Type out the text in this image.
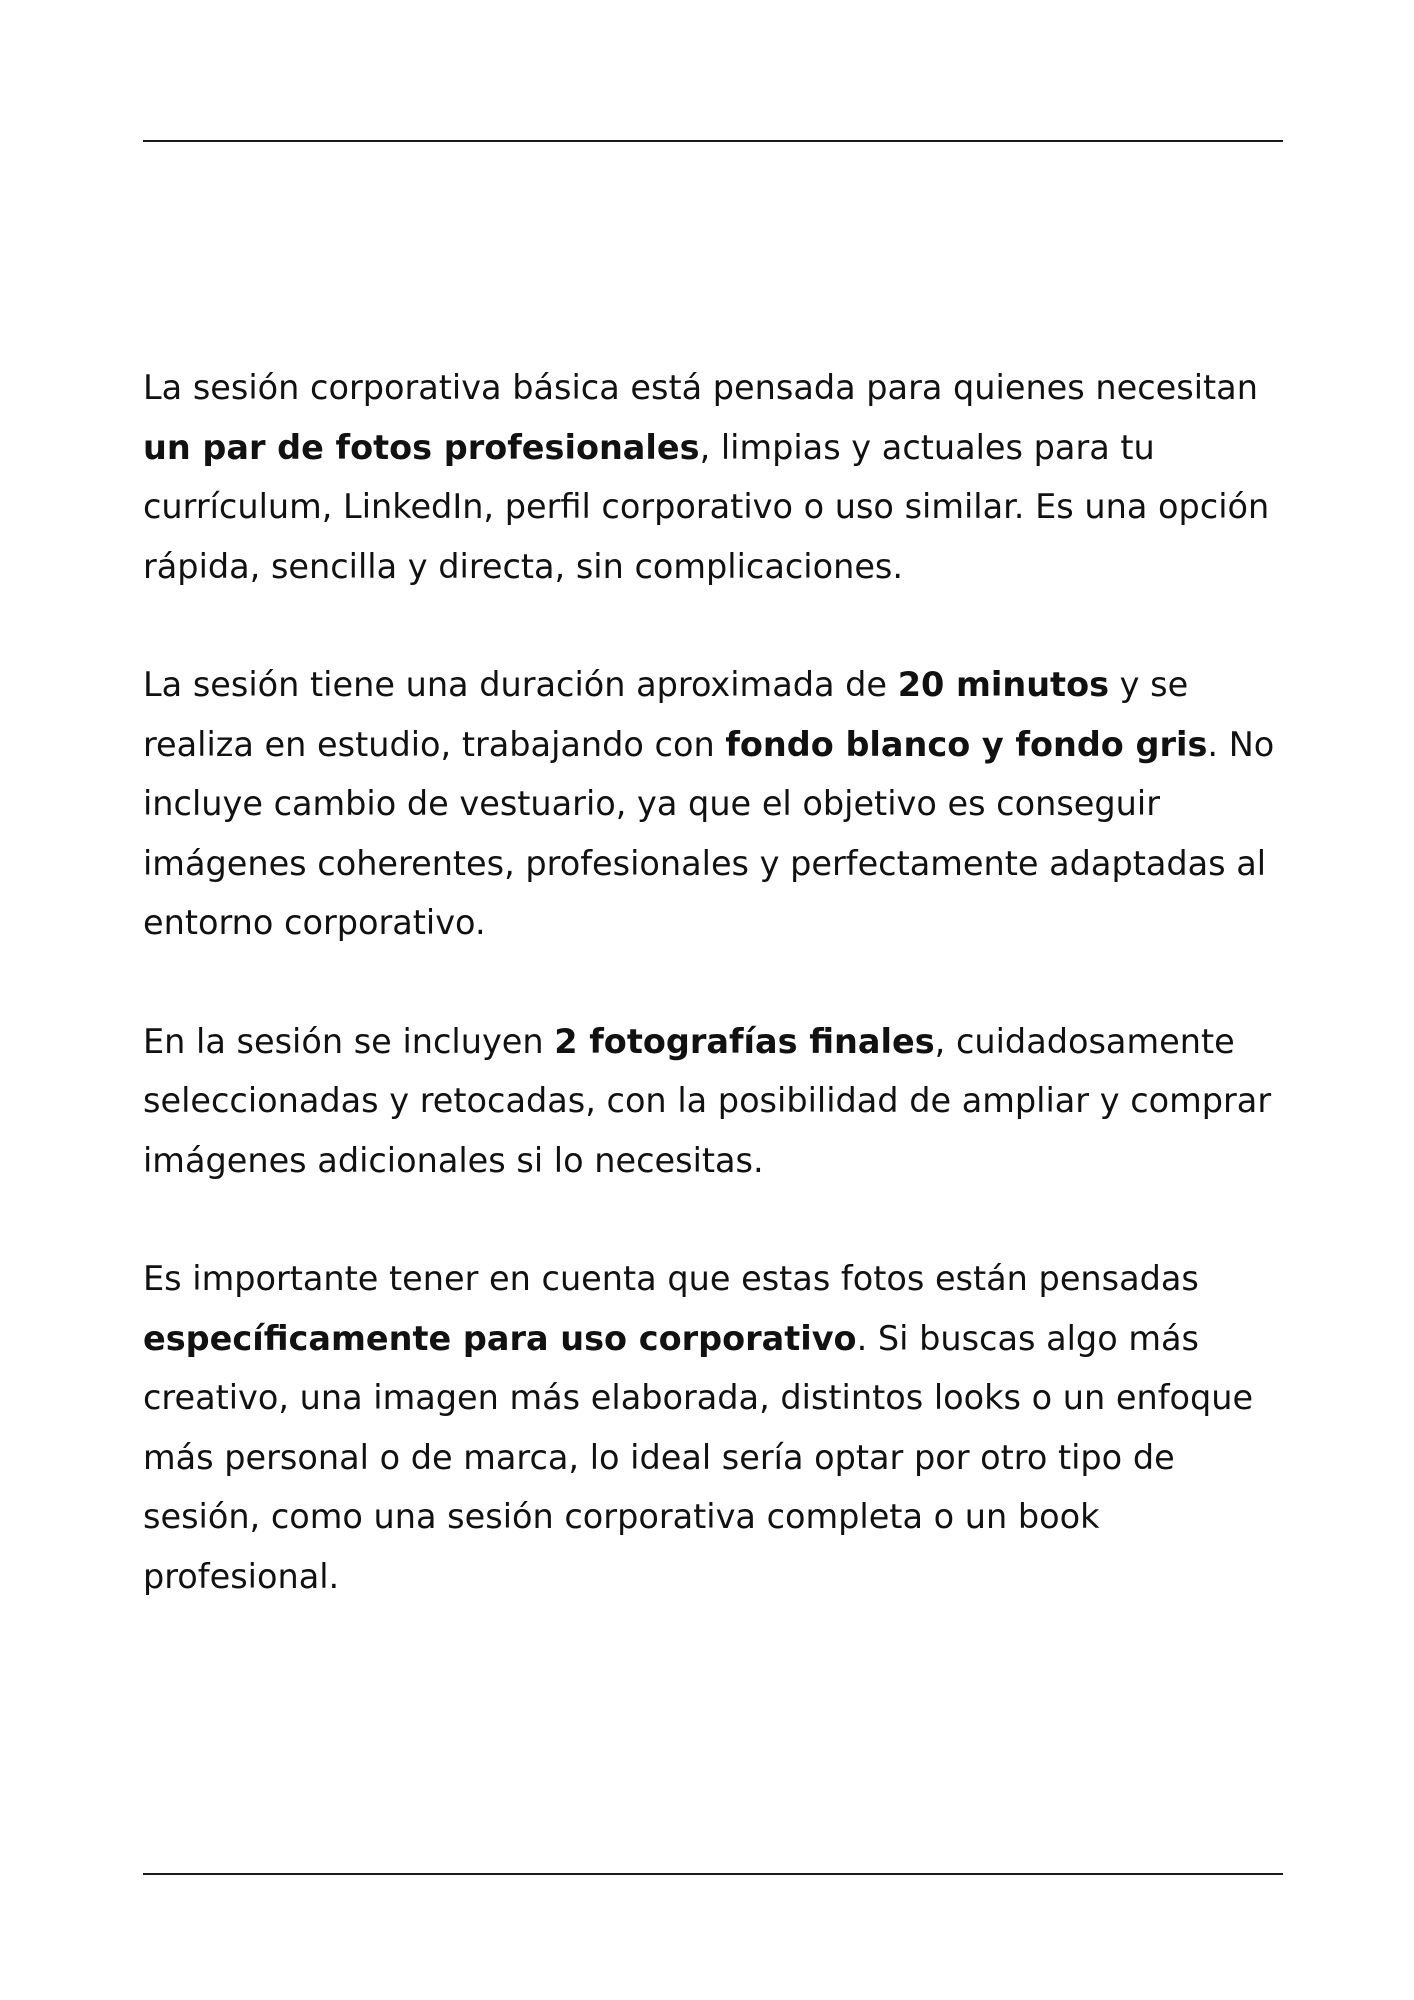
La sesión corporativa básica está pensada para quienes necesitan
un par de fotos profesionales, limpias y actuales para tu
currículum, LinkedIn, perfil corporativo o uso similar. Es una opción
rápida, sencilla y directa, sin complicaciones.

La sesión tiene una duración aproximada de 20 minutos y se
realiza en estudio, trabajando con fondo blanco y fondo gris. No
incluye cambio de vestuario, ya que el objetivo es conseguir
imágenes coherentes, profesionales y perfectamente adaptadas al
entorno corporativo.

En la sesión se incluyen 2 fotografías finales, cuidadosamente
seleccionadas y retocadas, con la posibilidad de ampliar y comprar
imágenes adicionales si lo necesitas.

Es importante tener en cuenta que estas fotos están pensadas
específicamente para uso corporativo. Si buscas algo más
creativo, una imagen más elaborada, distintos looks o un enfoque
más personal o de marca, lo ideal sería optar por otro tipo de
sesión, como una sesión corporativa completa o un book
profesional.
